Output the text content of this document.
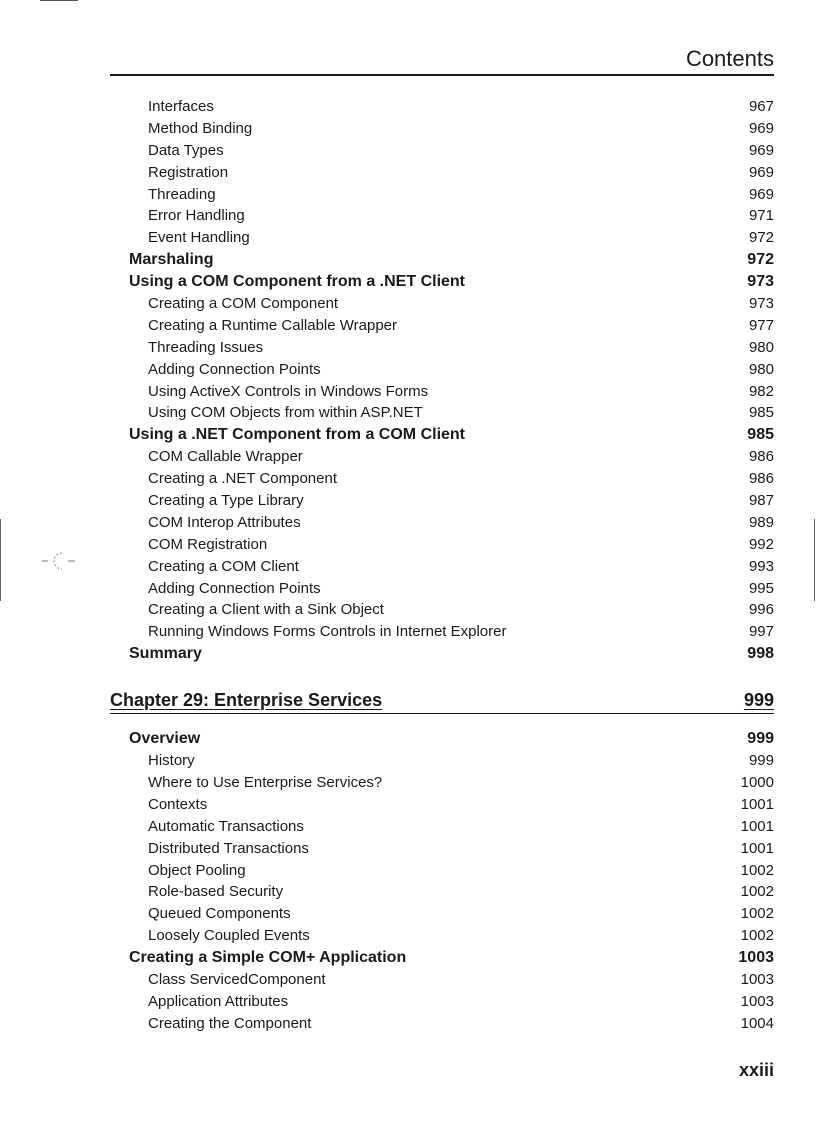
Contents
Interfaces	967
Method Binding	969
Data Types	969
Registration	969
Threading	969
Error Handling	971
Event Handling	972
Marshaling	972
Using a COM Component from a .NET Client	973
Creating a COM Component	973
Creating a Runtime Callable Wrapper	977
Threading Issues	980
Adding Connection Points	980
Using ActiveX Controls in Windows Forms	982
Using COM Objects from within ASP.NET	985
Using a .NET Component from a COM Client	985
COM Callable Wrapper	986
Creating a .NET Component	986
Creating a Type Library	987
COM Interop Attributes	989
COM Registration	992
Creating a COM Client	993
Adding Connection Points	995
Creating a Client with a Sink Object	996
Running Windows Forms Controls in Internet Explorer	997
Summary	998
Chapter 29: Enterprise Services	999
Overview	999
History	999
Where to Use Enterprise Services?	1000
Contexts	1001
Automatic Transactions	1001
Distributed Transactions	1001
Object Pooling	1002
Role-based Security	1002
Queued Components	1002
Loosely Coupled Events	1002
Creating a Simple COM+ Application	1003
Class ServicedComponent	1003
Application Attributes	1003
Creating the Component	1004
xxiii
